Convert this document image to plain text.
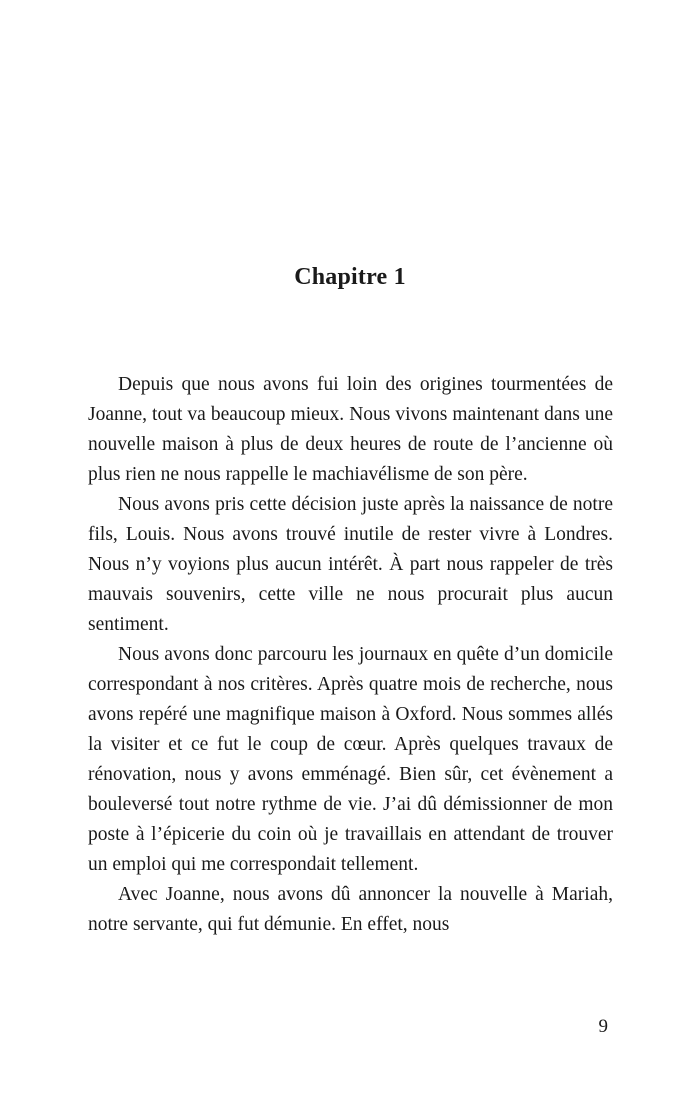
Chapitre 1

Depuis que nous avons fui loin des origines tourmentées de Joanne, tout va beaucoup mieux. Nous vivons maintenant dans une nouvelle maison à plus de deux heures de route de l’ancienne où plus rien ne nous rappelle le machiavélisme de son père.

Nous avons pris cette décision juste après la naissance de notre fils, Louis. Nous avons trouvé inutile de rester vivre à Londres. Nous n’y voyions plus aucun intérêt. À part nous rappeler de très mauvais souvenirs, cette ville ne nous procurait plus aucun sentiment.

Nous avons donc parcouru les journaux en quête d’un domicile correspondant à nos critères. Après quatre mois de recherche, nous avons repéré une magnifique maison à Oxford. Nous sommes allés la visiter et ce fut le coup de cœur. Après quelques travaux de rénovation, nous y avons emménagé. Bien sûr, cet évènement a bouleversé tout notre rythme de vie. J’ai dû démissionner de mon poste à l’épicerie du coin où je travaillais en attendant de trouver un emploi qui me correspondait tellement.

Avec Joanne, nous avons dû annoncer la nouvelle à Mariah, notre servante, qui fut démunie. En effet, nous

9
